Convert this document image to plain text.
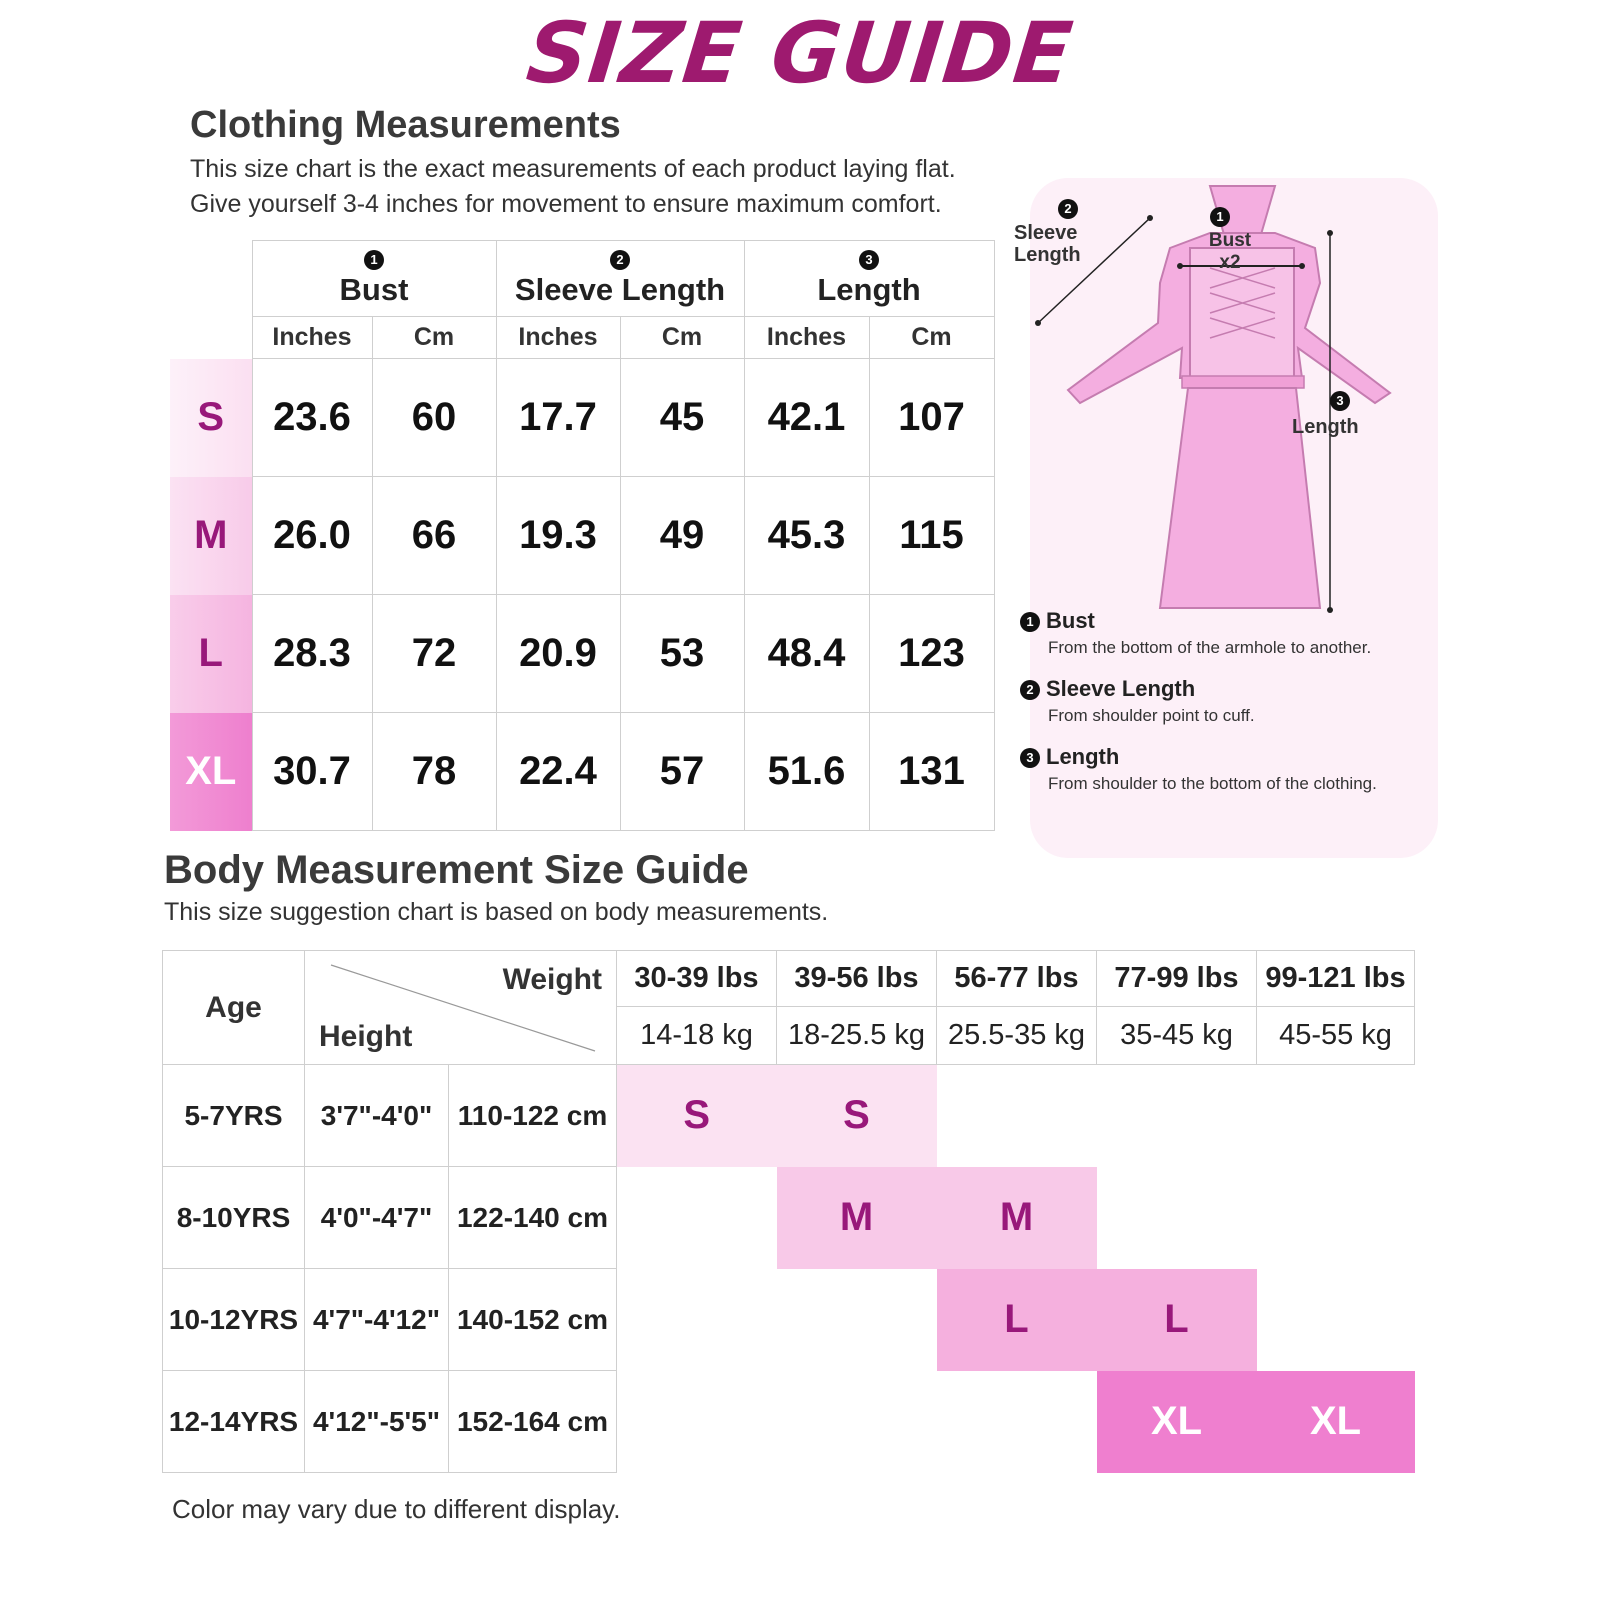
SIZE GUIDE
Clothing Measurements
This size chart is the exact measurements of each product laying flat.
Give yourself 3-4 inches for movement to ensure maximum comfort.

	1
Bust		2
Sleeve Length		3
Length	
	Inches	Cm	Inches	Cm	Inches	Cm
S	23.6	60	17.7	45	42.1	107
M	26.0	66	19.3	49	45.3	115
L	28.3	72	20.9	53	48.4	123
XL	30.7	78	22.4	57	51.6	131
2
Sleeve
Length
1
Bust
x2
3
Length
1 Bust
From the bottom of the armhole to another.
2 Sleeve Length
From shoulder point to cuff.
3 Length
From shoulder to the bottom of the clothing.
Body Measurement Size Guide
This size suggestion chart is based on body measurements.
Age	Weight
Height		30-39 lbs	39-56 lbs	56-77 lbs	77-99 lbs	99-121 lbs
			14-18 kg	18-25.5 kg	25.5-35 kg	35-45 kg	45-55 kg
5-7YRS	3'7"-4'0"	110-122 cm	S	S			
8-10YRS	4'0"-4'7"	122-140 cm		M	M		
10-12YRS	4'7"-4'12"	140-152 cm			L	L	
12-14YRS	4'12"-5'5"	152-164 cm				XL	XL
Color may vary due to different display.
